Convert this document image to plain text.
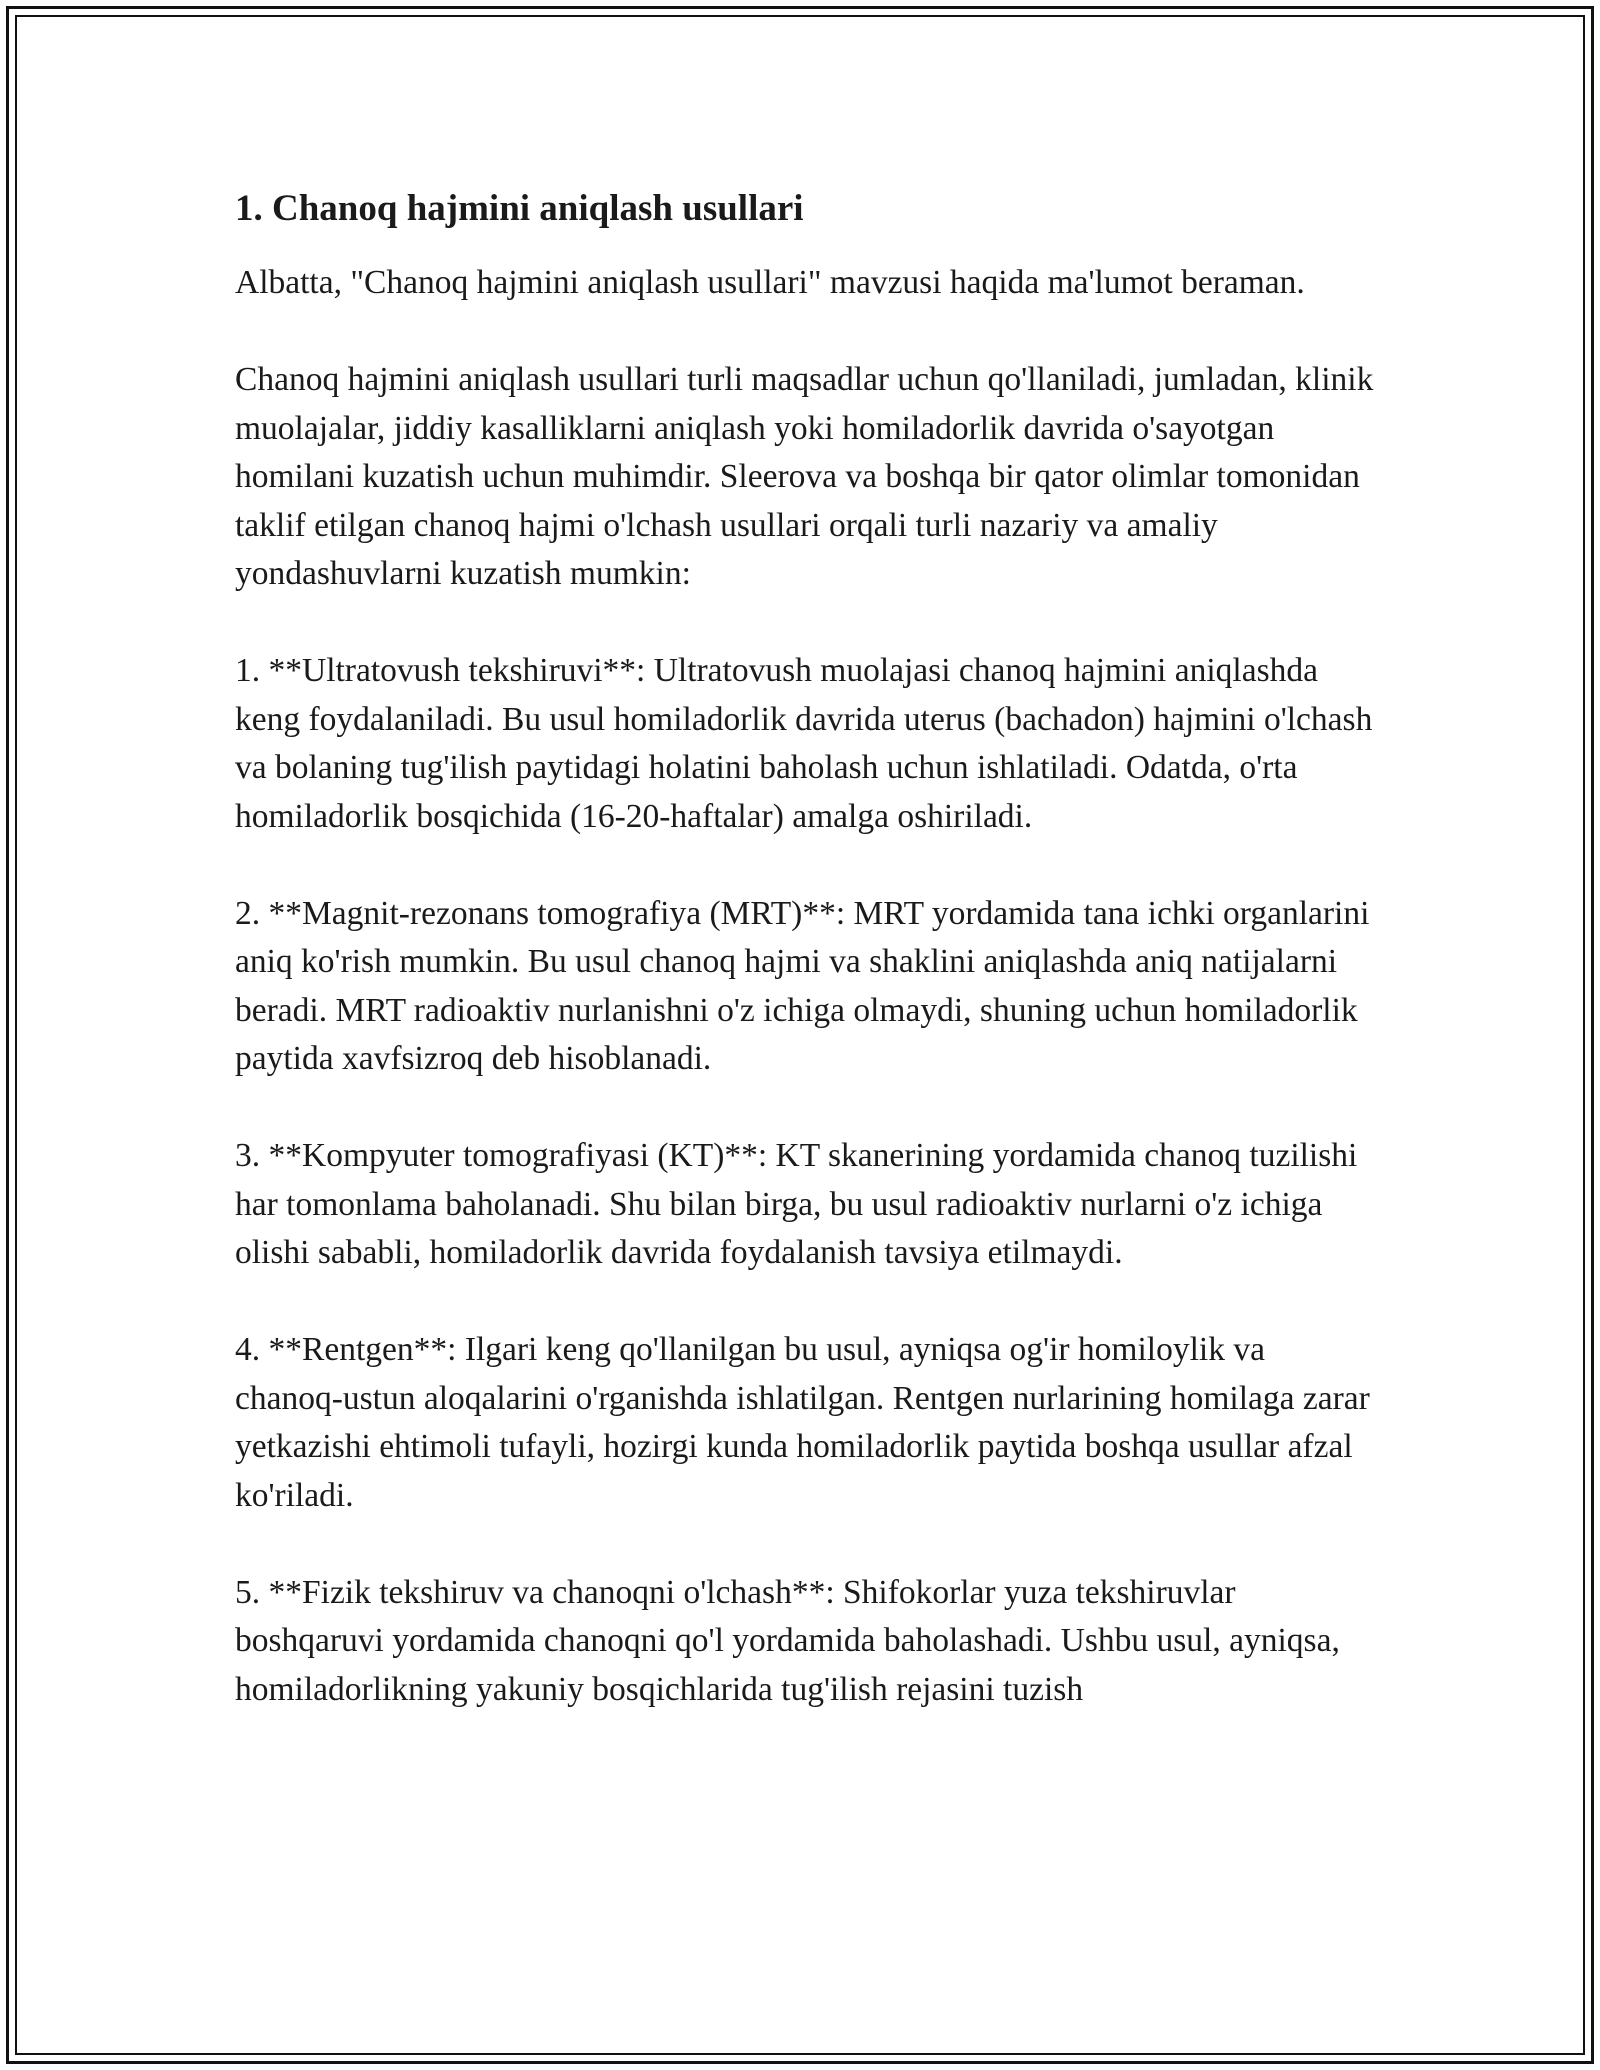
1. Chanoq hajmini aniqlash usullari

Albatta, "Chanoq hajmini aniqlash usullari" mavzusi haqida ma'lumot beraman.

Chanoq hajmini aniqlash usullari turli maqsadlar uchun qo'llaniladi, jumladan, klinik muolajalar, jiddiy kasalliklarni aniqlash yoki homiladorlik davrida o'sayotgan homilani kuzatish uchun muhimdir. Sleerova va boshqa bir qator olimlar tomonidan taklif etilgan chanoq hajmi o'lchash usullari orqali turli nazariy va amaliy yondashuvlarni kuzatish mumkin:

1. **Ultratovush tekshiruvi**: Ultratovush muolajasi chanoq hajmini aniqlashda keng foydalaniladi. Bu usul homiladorlik davrida uterus (bachadon) hajmini o'lchash va bolaning tug'ilish paytidagi holatini baholash uchun ishlatiladi. Odatda, o'rta homiladorlik bosqichida (16-20-haftalar) amalga oshiriladi.

2. **Magnit-rezonans tomografiya (MRT)**: MRT yordamida tana ichki organlarini aniq ko'rish mumkin. Bu usul chanoq hajmi va shaklini aniqlashda aniq natijalarni beradi. MRT radioaktiv nurlanishni o'z ichiga olmaydi, shuning uchun homiladorlik paytida xavfsizroq deb hisoblanadi.

3. **Kompyuter tomografiyasi (KT)**: KT skanerining yordamida chanoq tuzilishi har tomonlama baholanadi. Shu bilan birga, bu usul radioaktiv nurlarni o'z ichiga olishi sababli, homiladorlik davrida foydalanish tavsiya etilmaydi.

4. **Rentgen**: Ilgari keng qo'llanilgan bu usul, ayniqsa og'ir homiloylik va chanoq-ustun aloqalarini o'rganishda ishlatilgan. Rentgen nurlarining homilaga zarar yetkazishi ehtimoli tufayli, hozirgi kunda homiladorlik paytida boshqa usullar afzal ko'riladi.

5. **Fizik tekshiruv va chanoqni o'lchash**: Shifokorlar yuza tekshiruvlar boshqaruvi yordamida chanoqni qo'l yordamida baholashadi. Ushbu usul, ayniqsa, homiladorlikning yakuniy bosqichlarida tug'ilish rejasini tuzish
